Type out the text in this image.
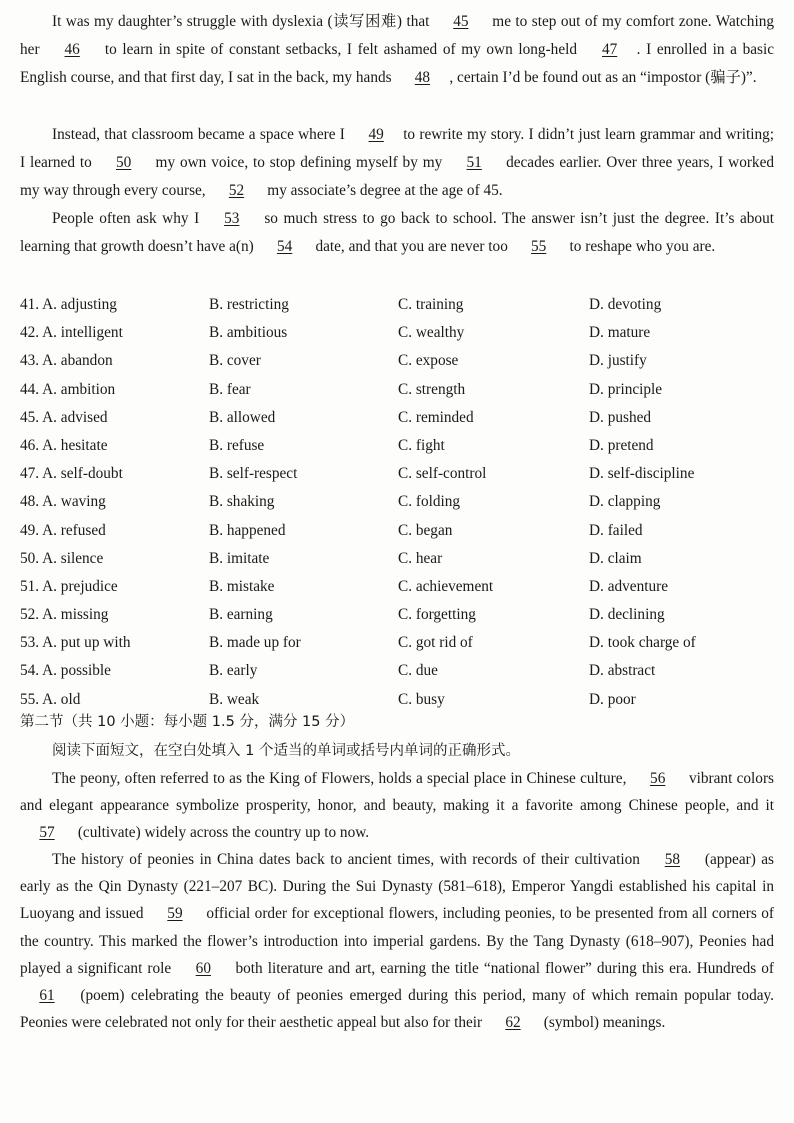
It was my daughter’s struggle with dyslexia (读写困难) that 45 me to step out of my comfort zone. Watching her 46 to learn in spite of constant setbacks, I felt ashamed of my own long-held 47 . I enrolled in a basic English course, and that first day, I sat in the back, my hands 48 , certain I’d be found out as an “impostor (骗子)”.

Instead, that classroom became a space where I 49 to rewrite my story. I didn’t just learn grammar and writing; I learned to 50 my own voice, to stop defining myself by my 51 decades earlier. Over three years, I worked my way through every course, 52 my associate’s degree at the age of 45.

People often ask why I 53 so much stress to go back to school. The answer isn’t just the degree. It’s about learning that growth doesn’t have a(n) 54 date, and that you are never too 55 to reshape who you are.

41. A. adjusting	B. restricting	C. training	D. devoting
42. A. intelligent	B. ambitious	C. wealthy	D. mature
43. A. abandon	B. cover	C. expose	D. justify
44. A. ambition	B. fear	C. strength	D. principle
45. A. advised	B. allowed	C. reminded	D. pushed
46. A. hesitate	B. refuse	C. fight	D. pretend
47. A. self-doubt	B. self-respect	C. self-control	D. self-discipline
48. A. waving	B. shaking	C. folding	D. clapping
49. A. refused	B. happened	C. began	D. failed
50. A. silence	B. imitate	C. hear	D. claim
51. A. prejudice	B. mistake	C. achievement	D. adventure
52. A. missing	B. earning	C. forgetting	D. declining
53. A. put up with	B. made up for	C. got rid of	D. took charge of
54. A. possible	B. early	C. due	D. abstract
55. A. old	B. weak	C. busy	D. poor
第二节（共 10 小题：每小题 1.5 分，满分 15 分）
阅读下面短文，在空白处填入 1 个适当的单词或括号内单词的正确形式。

The peony, often referred to as the King of Flowers, holds a special place in Chinese culture, 56 vibrant colors and elegant appearance symbolize prosperity, honor, and beauty, making it a favorite among Chinese people, and it 57 (cultivate) widely across the country up to now.

The history of peonies in China dates back to ancient times, with records of their cultivation 58 (appear) as early as the Qin Dynasty (221–207 BC). During the Sui Dynasty (581–618), Emperor Yangdi established his capital in Luoyang and issued 59 official order for exceptional flowers, including peonies, to be presented from all corners of the country. This marked the flower’s introduction into imperial gardens. By the Tang Dynasty (618–907), Peonies had played a significant role 60 both literature and art, earning the title “national flower” during this era. Hundreds of 61 (poem) celebrating the beauty of peonies emerged during this period, many of which remain popular today. Peonies were celebrated not only for their aesthetic appeal but also for their 62 (symbol) meanings.
